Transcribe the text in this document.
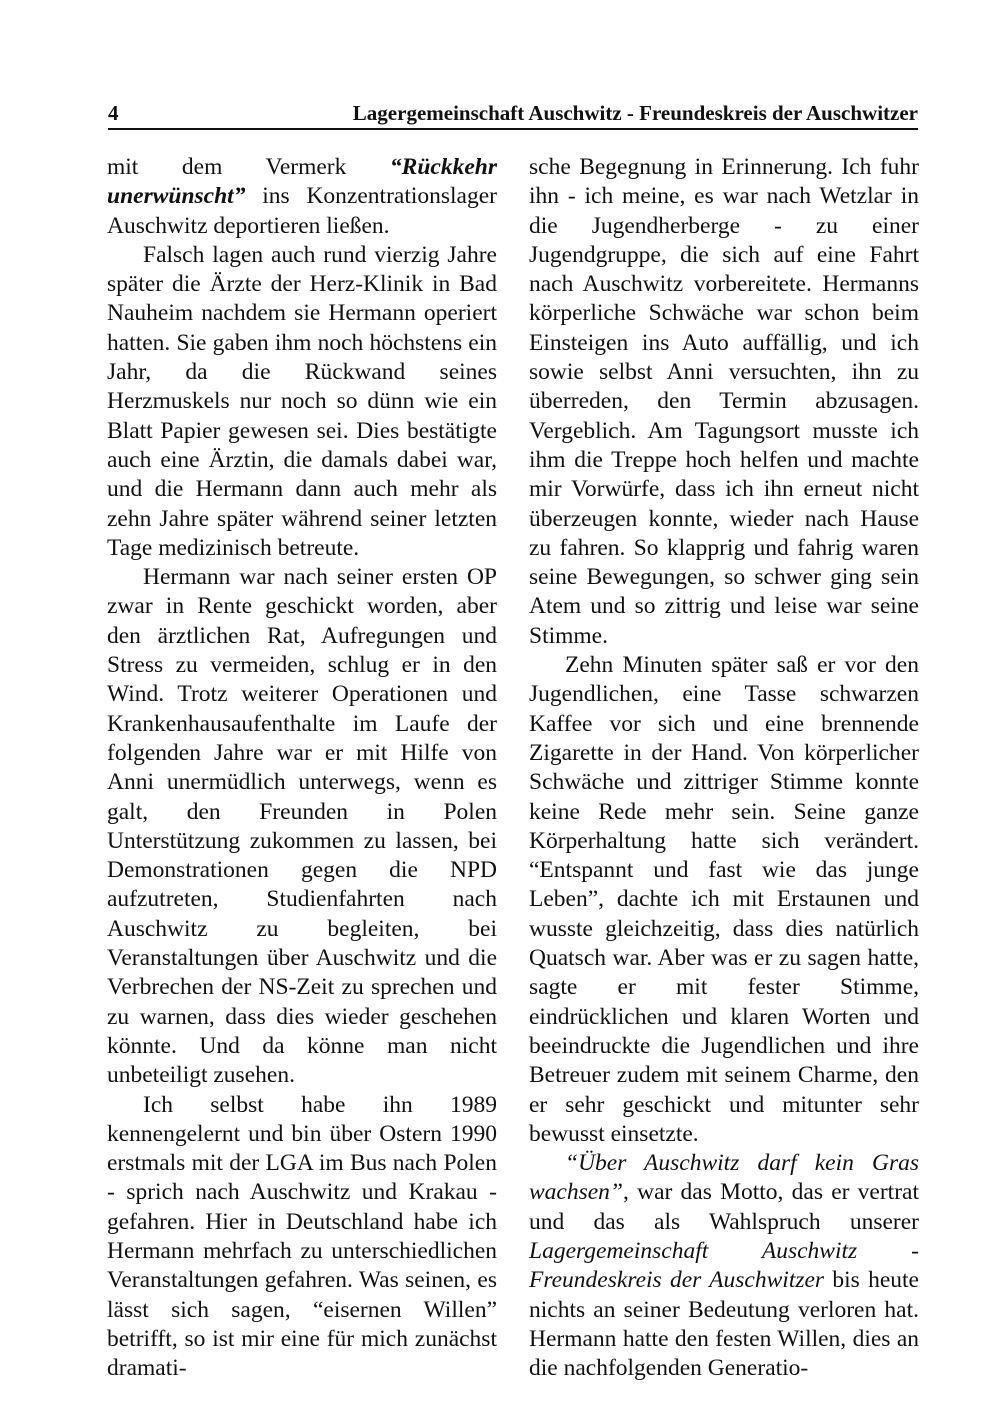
4	Lagergemeinschaft Auschwitz - Freundeskreis der Auschwitzer

mit dem Vermerk “Rückkehr unerwünscht” ins Konzentrationslager Auschwitz deportieren ließen.

Falsch lagen auch rund vierzig Jahre später die Ärzte der Herz-Klinik in Bad Nauheim nachdem sie Hermann operiert hatten. Sie gaben ihm noch höchstens ein Jahr, da die Rückwand seines Herzmuskels nur noch so dünn wie ein Blatt Papier gewesen sei. Dies bestätigte auch eine Ärztin, die damals dabei war, und die Hermann dann auch mehr als zehn Jahre später während seiner letzten Tage medizinisch betreute.

Hermann war nach seiner ersten OP zwar in Rente geschickt worden, aber den ärztlichen Rat, Aufregungen und Stress zu vermeiden, schlug er in den Wind. Trotz weiterer Operationen und Krankenhausaufenthalte im Laufe der folgenden Jahre war er mit Hilfe von Anni unermüdlich unterwegs, wenn es galt, den Freunden in Polen Unterstützung zukommen zu lassen, bei Demonstrationen gegen die NPD aufzutreten, Studienfahrten nach Auschwitz zu begleiten, bei Veranstaltungen über Auschwitz und die Verbrechen der NS-Zeit zu sprechen und zu warnen, dass dies wieder geschehen könnte. Und da könne man nicht unbeteiligt zusehen.

Ich selbst habe ihn 1989 kennengelernt und bin über Ostern 1990 erstmals mit der LGA im Bus nach Polen - sprich nach Auschwitz und Krakau - gefahren. Hier in Deutschland habe ich Hermann mehrfach zu unterschiedlichen Veranstaltungen gefahren. Was seinen, es lässt sich sagen, “eisernen Willen” betrifft, so ist mir eine für mich zunächst dramati-

sche Begegnung in Erinnerung. Ich fuhr ihn - ich meine, es war nach Wetzlar in die Jugendherberge - zu einer Jugendgruppe, die sich auf eine Fahrt nach Auschwitz vorbereitete. Hermanns körperliche Schwäche war schon beim Einsteigen ins Auto auffällig, und ich sowie selbst Anni versuchten, ihn zu überreden, den Termin abzusagen. Vergeblich. Am Tagungsort musste ich ihm die Treppe hoch helfen und machte mir Vorwürfe, dass ich ihn erneut nicht überzeugen konnte, wieder nach Hause zu fahren. So klapprig und fahrig waren seine Bewegungen, so schwer ging sein Atem und so zittrig und leise war seine Stimme.

Zehn Minuten später saß er vor den Jugendlichen, eine Tasse schwarzen Kaffee vor sich und eine brennende Zigarette in der Hand. Von körperlicher Schwäche und zittriger Stimme konnte keine Rede mehr sein. Seine ganze Körperhaltung hatte sich verändert. “Entspannt und fast wie das junge Leben”, dachte ich mit Erstaunen und wusste gleichzeitig, dass dies natürlich Quatsch war. Aber was er zu sagen hatte, sagte er mit fester Stimme, eindrücklichen und klaren Worten und beeindruckte die Jugendlichen und ihre Betreuer zudem mit seinem Charme, den er sehr geschickt und mitunter sehr bewusst einsetzte.

“Über Auschwitz darf kein Gras wachsen”, war das Motto, das er vertrat und das als Wahlspruch unserer Lagergemeinschaft Auschwitz - Freundeskreis der Auschwitzer bis heute nichts an seiner Bedeutung verloren hat. Hermann hatte den festen Willen, dies an die nachfolgenden Generatio-
